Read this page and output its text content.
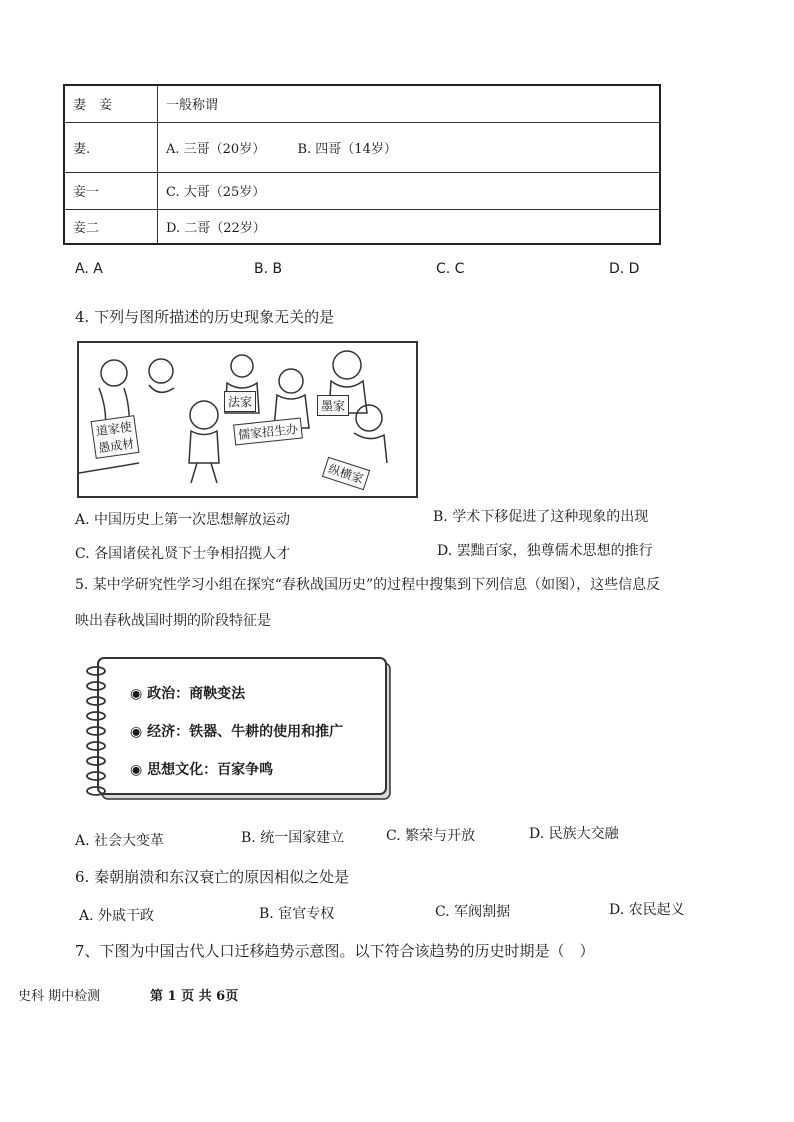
妻　妾	一般称谓
妻.	A. 三哥（20岁） B. 四哥（14岁）
妾一	C. 大哥（25岁）
妾二	D. 二哥（22岁）
A. A	B. B	C. C	D. D
4. 下列与图所描述的历史现象无关的是
道家使
愚成材
法家	墨家
儒家招生办
纵横家
A. 中国历史上第一次思想解放运动	B. 学术下移促进了这种现象的出现
C. 各国诸侯礼贤下士争相招揽人才	D. 罢黜百家，独尊儒术思想的推行
5. 某中学研究性学习小组在探究“春秋战国历史”的过程中搜集到下列信息（如图），这些信息反
映出春秋战国时期的阶段特征是
◉ 政治：商鞅变法
◉ 经济：铁器、牛耕的使用和推广
◉ 思想文化：百家争鸣
A. 社会大变革	B. 统一国家建立	C. 繁荣与开放	D. 民族大交融
6. 秦朝崩溃和东汉衰亡的原因相似之处是
A. 外戚干政	B. 宦官专权	C. 军阀割据	D. 农民起义
7、下图为中国古代人口迁移趋势示意图。以下符合该趋势的历史时期是（　）
史科 期中检测	第 1 页 共 6页
